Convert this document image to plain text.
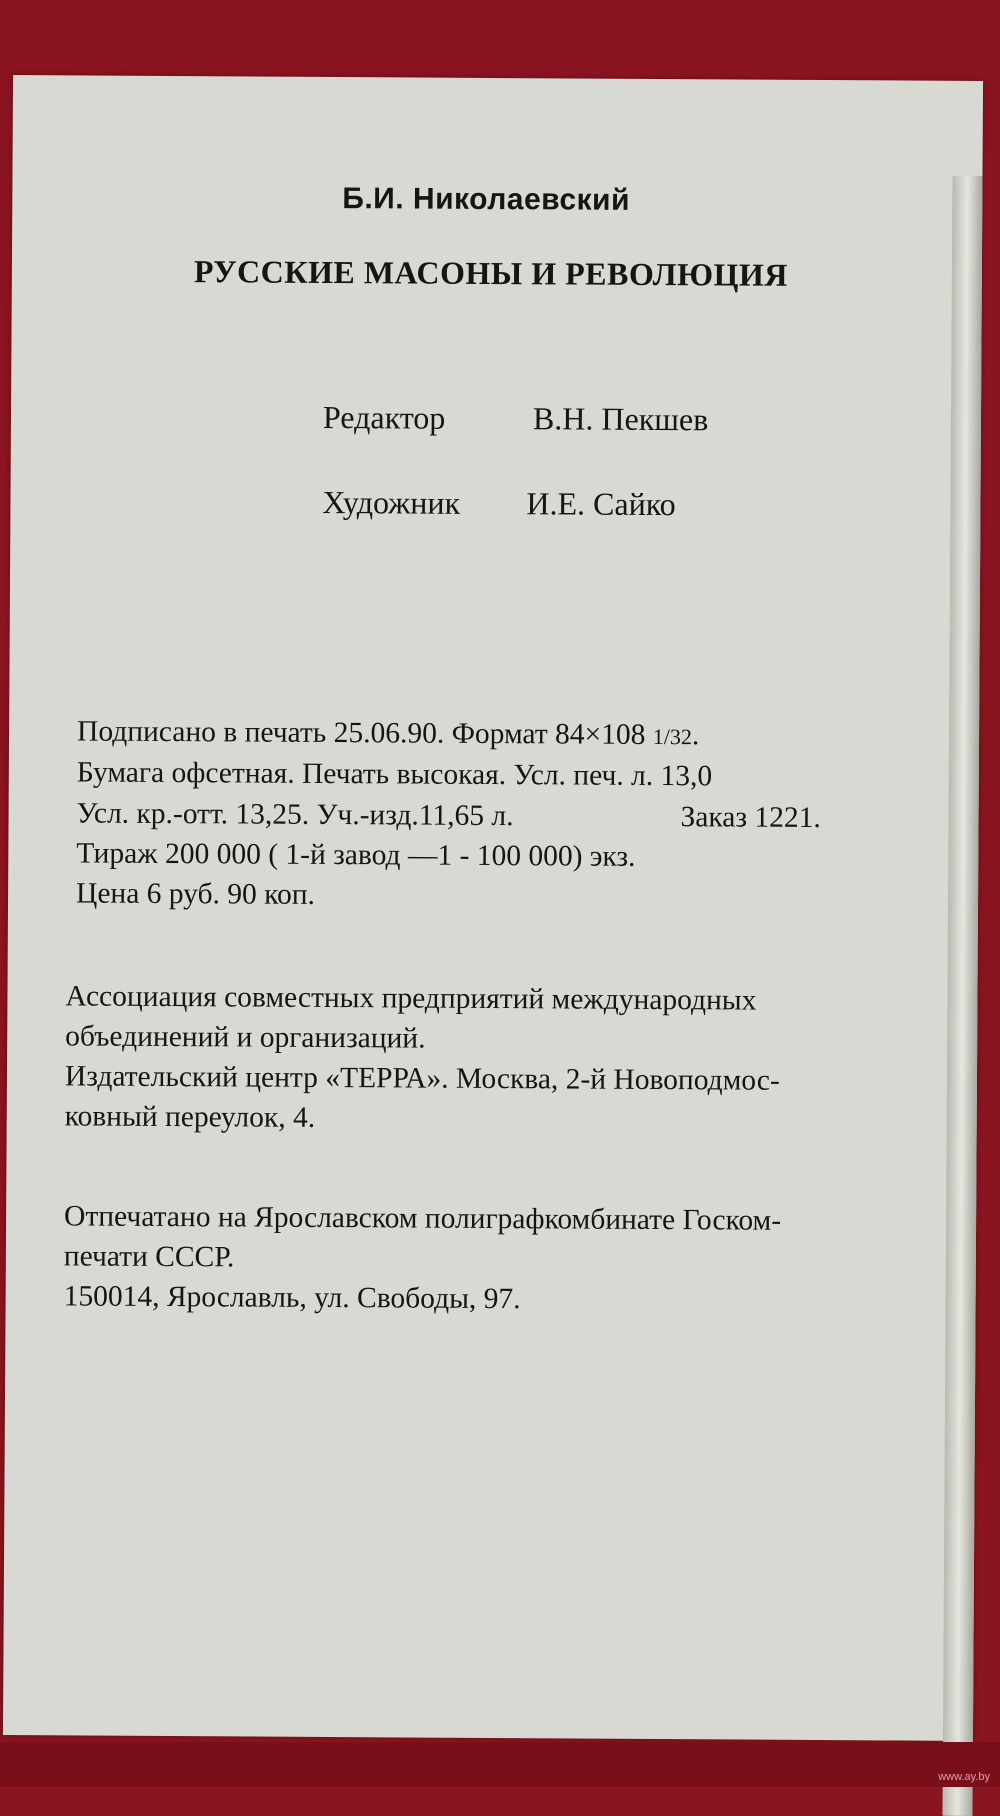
Б.И. Николаевский
РУССКИЕ МАСОНЫ И РЕВОЛЮЦИЯ
Редактор	В.Н. Пекшев
Художник И.Е. Сайко
Подписано в печать 25.06.90. Формат 84×108 1/32.
Бумага офсетная. Печать высокая. Усл. печ. л. 13,0
Усл. кр.-отт. 13,25. Уч.-изд.11,65 л.	Заказ 1221.
Тираж 200 000 ( 1-й завод —1 - 100 000) экз.
Цена 6 руб. 90 коп.
Ассоциация совместных предприятий международных
объединений и организаций.
Издательский центр «ТЕРРА». Москва, 2-й Новоподмос-
ковный переулок, 4.
Отпечатано на Ярославском полиграфкомбинате Госком-
печати СССР.
150014, Ярославль, ул. Свободы, 97.
www.ay.by
